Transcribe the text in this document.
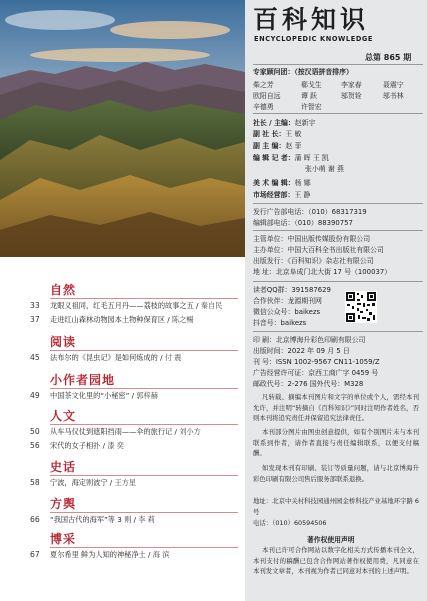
自然
33	龙眼义祖同，红毛五月丹——荔枝的故事之五 / 秦自民
37	走进红山森林动物园本土物种保育区 / 陈之暢
阅读
45	法布尔的《昆虫记》是如何炼成的 / 付 震
小作者园地
49	中国茶文化里的“小秘密” / 郭梓赫
人文
50	从车马仪仗到遮阳挡雨——伞的旅行记 / 刘小方
56	宋代的女子相扑 / 漆 奕
史话
58	宁波，海定则波宁 / 王方星
方舆
66	“我国古代的海军”等 3 则 / 李 莉
博采
67	夏尔希里 鲜为人知的神秘净土 / 海 滨
百科知识
ENCYCLOPEDIC KNOWLEDGE
总第 865 期
专家顾问团：（按汉语拼音排序）
柴之芳	郗戈生	李家春	聂震宁
欧阳自远	谭 跃	邬贺铨	邬书林
辛德勇	许智宏
社长 / 主编：赵新宇
副 社 长：王 敏
副 主 编：赵 菲
编 辑 记 者：蒲 晖 王 凯
张小萌 谢 燕
美 术 编 辑：杨 娜
市场经营部：王 静
发行广告部电话：（010）68317319
编辑部电话：（010）88390757
主管单位：中国出版传媒股份有限公司
主办单位：中国大百科全书出版社有限公司
出版发行：《百科知识》杂志社有限公司
地 址：北京阜成门北大街 17 号（100037）
读者QQ群：391587629
合作伙伴：龙源期刊网
微信公众号：baikezs
抖音号：baikezs
印 刷：北京博海升彩色印刷有限公司
出版时间：2022 年 09 月 5 日
刊 号：ISSN 1002-9567 CN11-1059/Z
广告经营许可证：京西工商广字 0459 号
邮政代号：2-276 国外代号：M328
凡转载、摘编本刊图片和文字的单位或个人，需经本刊允许，并注明“转摘自《百科知识》”同时注明作者姓名，否则本刊将追究责任并保留追究法律责任。
本刊部分图片由图虫创意提供，如有个别图片未与本刊联系到作者，请作者直接与责任编辑联系，以便支付稿酬。
如发现本刊有印刷、装订等质量问题，请与北京博海升彩色印刷有限公司售后服务部联系退换。
地址：北京中关村科技园通州园金桥科技产业基地环宇路 6 号
电话：（010）60594506
著作权使用声明
本刊已许可合作网站以数字化相关方式传播本刊全文，本刊支付的稿酬已包含合作网站著作权使用费，凡同意在本刊发文章者，本刊视为作者已同意对本刊的上述声明。
